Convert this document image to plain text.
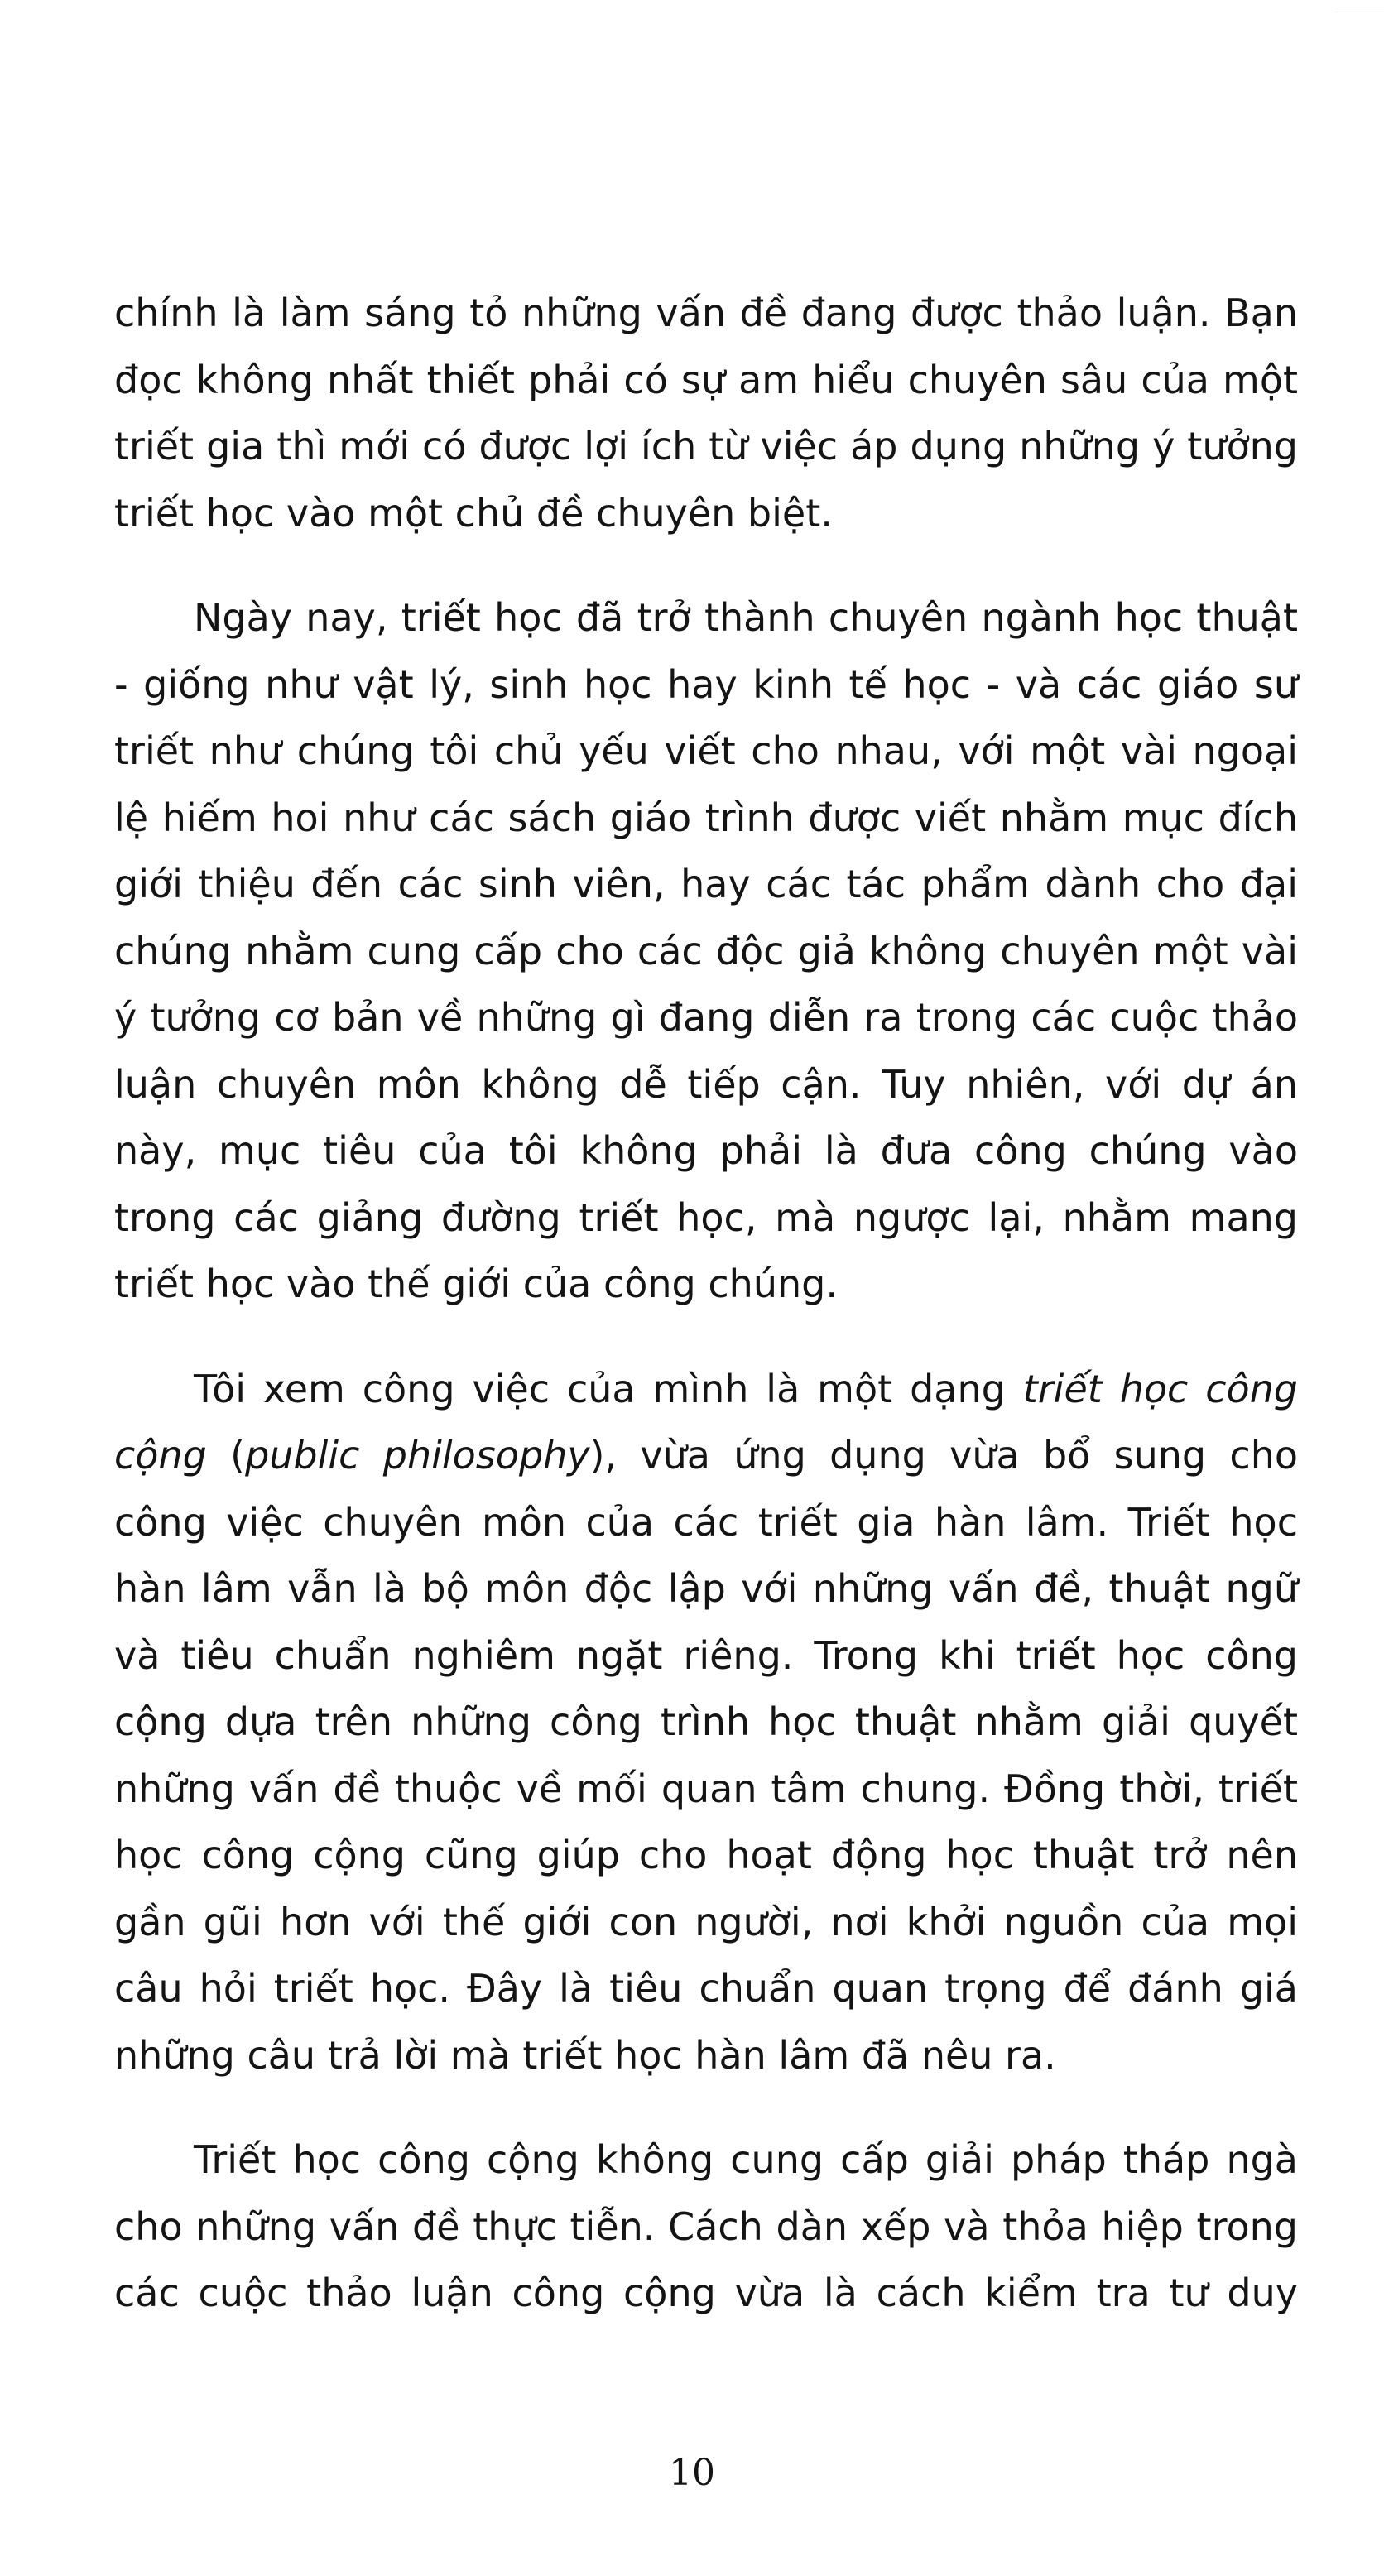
chính là làm sáng tỏ những vấn đề đang được thảo luận. Bạn đọc không nhất thiết phải có sự am hiểu chuyên sâu của một triết gia thì mới có được lợi ích từ việc áp dụng những ý tưởng triết học vào một chủ đề chuyên biệt.

Ngày nay, triết học đã trở thành chuyên ngành học thuật - giống như vật lý, sinh học hay kinh tế học - và các giáo sư triết như chúng tôi chủ yếu viết cho nhau, với một vài ngoại lệ hiếm hoi như các sách giáo trình được viết nhằm mục đích giới thiệu đến các sinh viên, hay các tác phẩm dành cho đại chúng nhằm cung cấp cho các độc giả không chuyên một vài ý tưởng cơ bản về những gì đang diễn ra trong các cuộc thảo luận chuyên môn không dễ tiếp cận. Tuy nhiên, với dự án này, mục tiêu của tôi không phải là đưa công chúng vào trong các giảng đường triết học, mà ngược lại, nhằm mang triết học vào thế giới của công chúng.

Tôi xem công việc của mình là một dạng triết học công cộng (public philosophy), vừa ứng dụng vừa bổ sung cho công việc chuyên môn của các triết gia hàn lâm. Triết học hàn lâm vẫn là bộ môn độc lập với những vấn đề, thuật ngữ và tiêu chuẩn nghiêm ngặt riêng. Trong khi triết học công cộng dựa trên những công trình học thuật nhằm giải quyết những vấn đề thuộc về mối quan tâm chung. Đồng thời, triết học công cộng cũng giúp cho hoạt động học thuật trở nên gần gũi hơn với thế giới con người, nơi khởi nguồn của mọi câu hỏi triết học. Đây là tiêu chuẩn quan trọng để đánh giá những câu trả lời mà triết học hàn lâm đã nêu ra.

Triết học công cộng không cung cấp giải pháp tháp ngà cho những vấn đề thực tiễn. Cách dàn xếp và thỏa hiệp trong các cuộc thảo luận công cộng vừa là cách kiểm tra tư duy

10
